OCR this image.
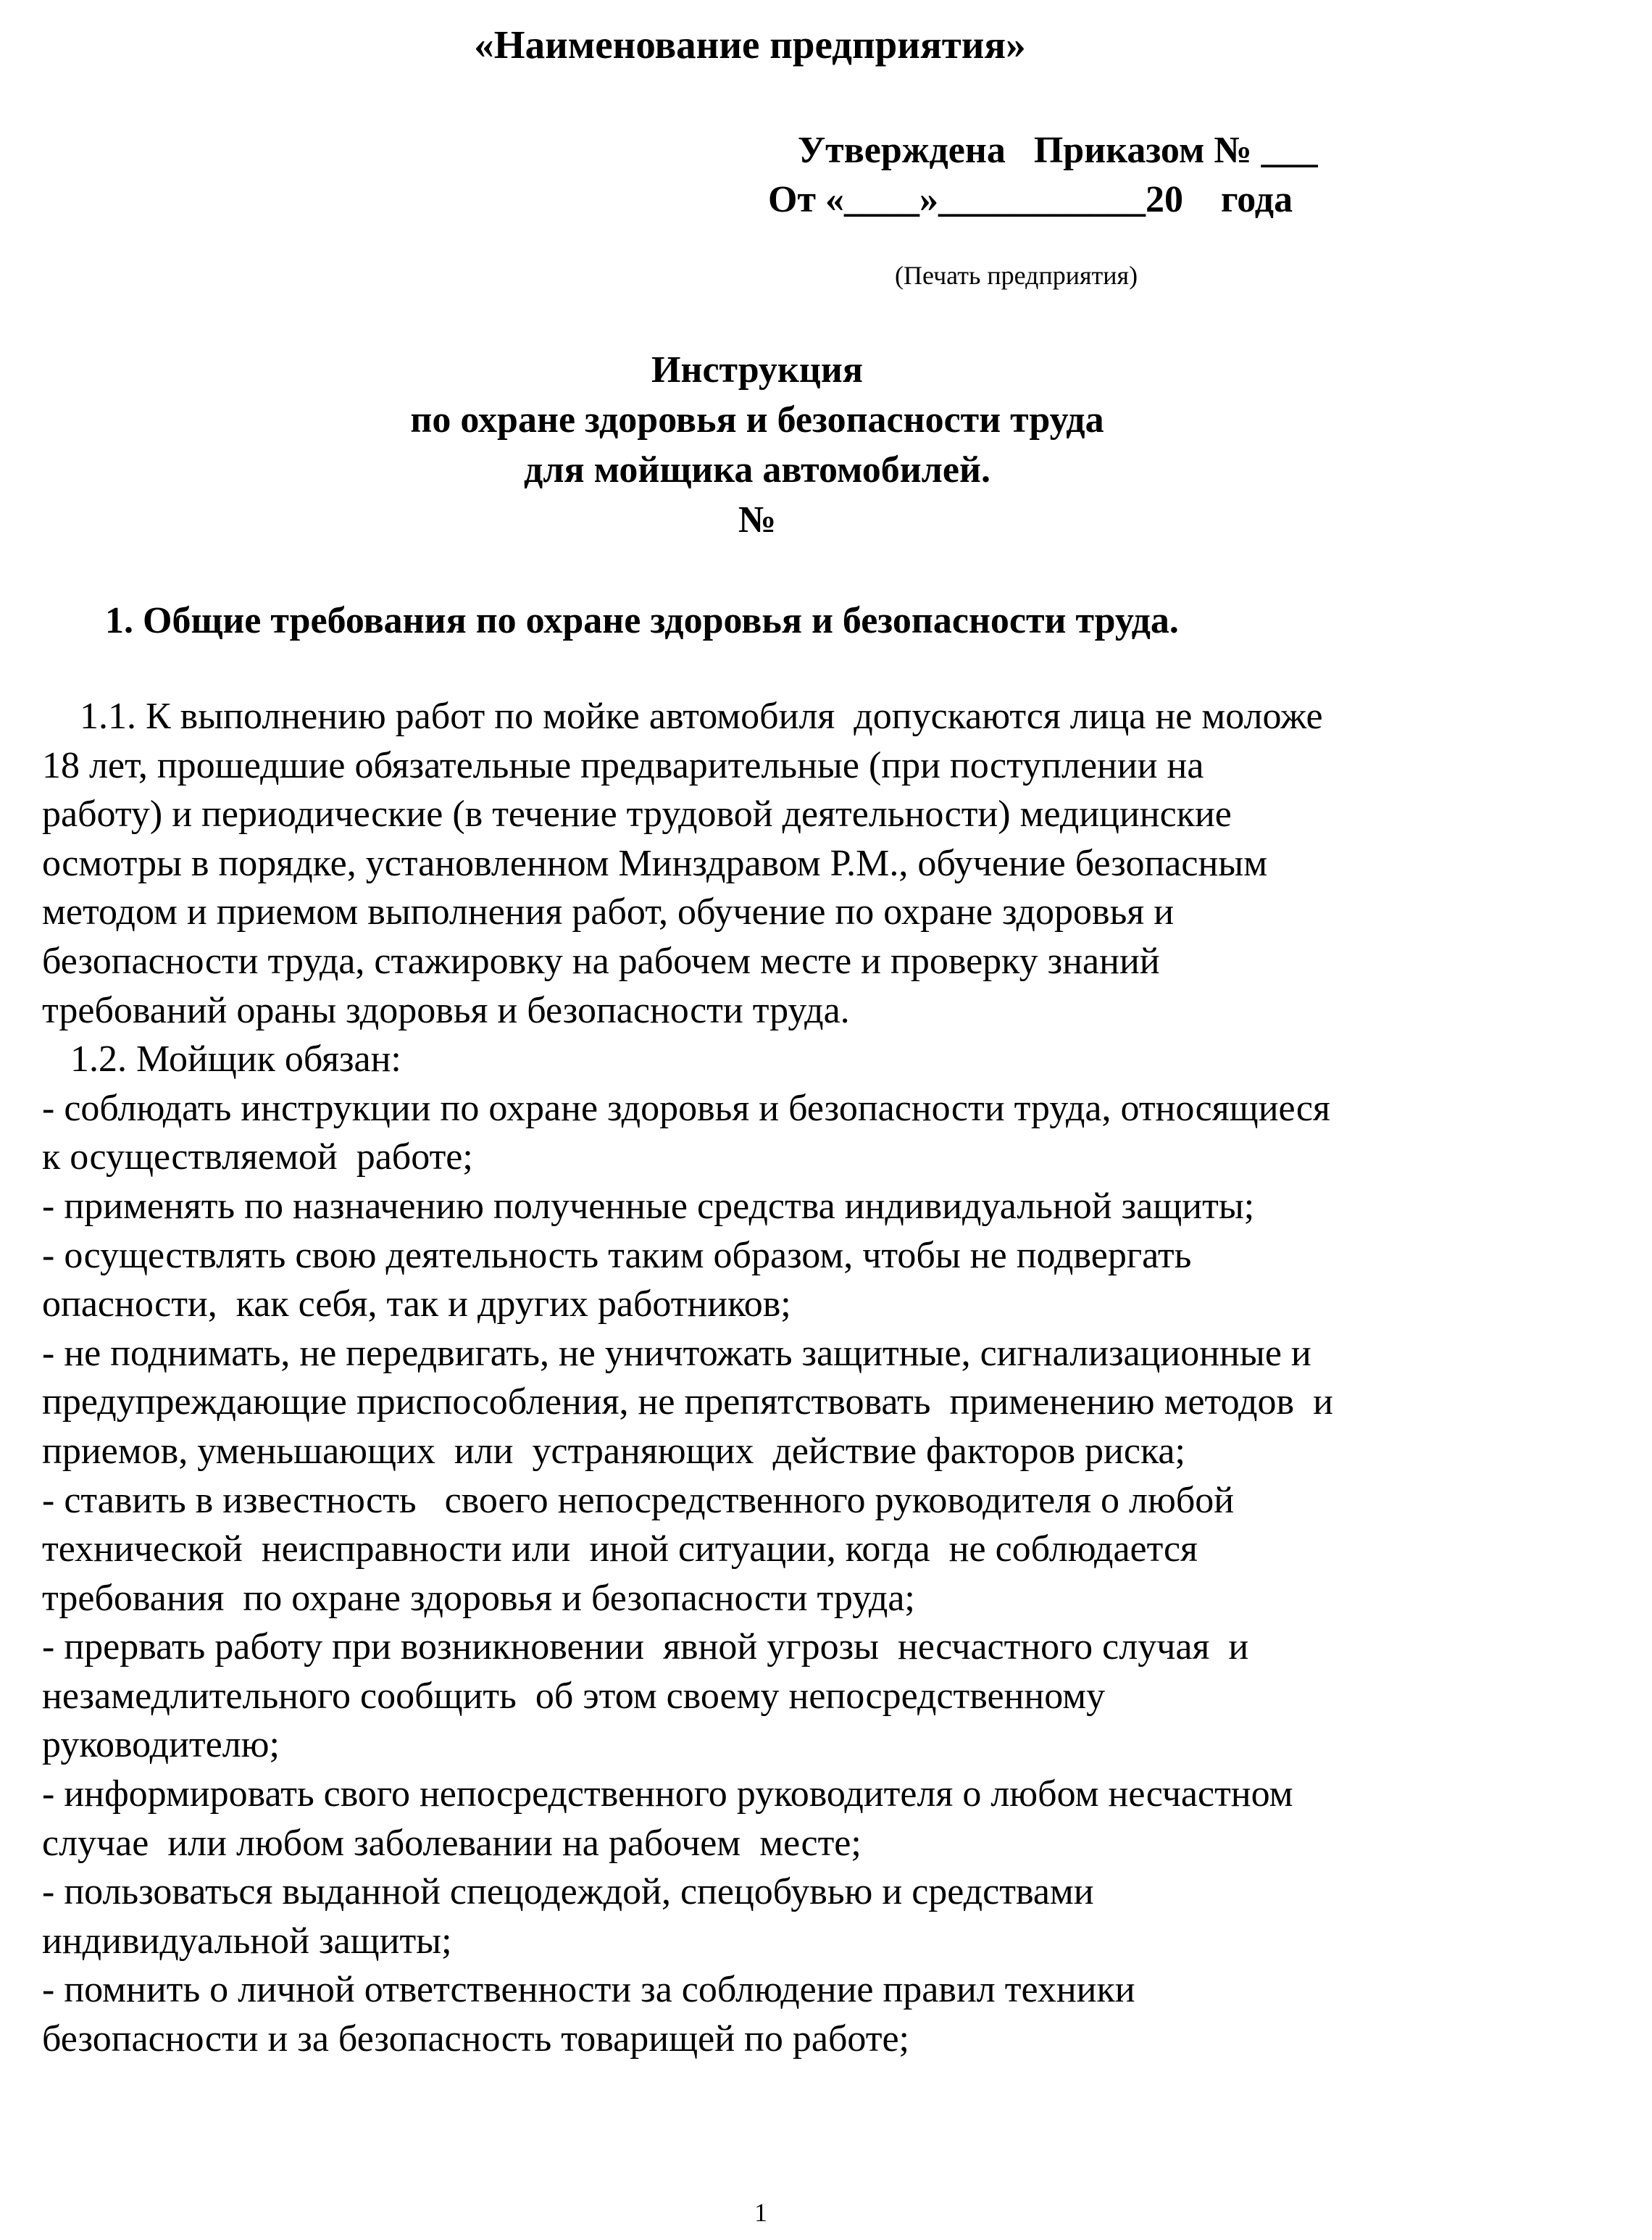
«Наименование предприятия»

Утверждена   Приказом № ___

От «____»___________20    года

(Печать предприятия)
Инструкция
по охране здоровья и безопасности труда
для мойщика автомобилей.
№
1. Общие требования по охране здоровья и безопасности труда.
1.1. К выполнению работ по мойке автомобиля  допускаются лица не моложе
18 лет, прошедшие обязательные предварительные (при поступлении на
работу) и периодические (в течение трудовой деятельности) медицинские
осмотры в порядке, установленном Минздравом Р.М., обучение безопасным
методом и приемом выполнения работ, обучение по охране здоровья и
безопасности труда, стажировку на рабочем месте и проверку знаний
требований ораны здоровья и безопасности труда.
1.2. Мойщик обязан:
- соблюдать инструкции по охране здоровья и безопасности труда, относящиеся
к осуществляемой  работе;
- применять по назначению полученные средства индивидуальной защиты;
- осуществлять свою деятельность таким образом, чтобы не подвергать
опасности,  как себя, так и других работников;
- не поднимать, не передвигать, не уничтожать защитные, сигнализационные и
предупреждающие приспособления, не препятствовать  применению методов  и
приемов, уменьшающих  или  устраняющих  действие факторов риска;
- ставить в известность   своего непосредственного руководителя о любой
технической  неисправности или  иной ситуации, когда  не соблюдается
требования  по охране здоровья и безопасности труда;
- прервать работу при возникновении  явной угрозы  несчастного случая  и
незамедлительного сообщить  об этом своему непосредственному
руководителю;
- информировать свого непосредственного руководителя о любом несчастном
случае  или любом заболевании на рабочем  месте;
- пользоваться выданной спецодеждой, спецобувью и средствами
индивидуальной защиты;
- помнить о личной ответственности за соблюдение правил техники
безопасности и за безопасность товарищей по работе;
1
